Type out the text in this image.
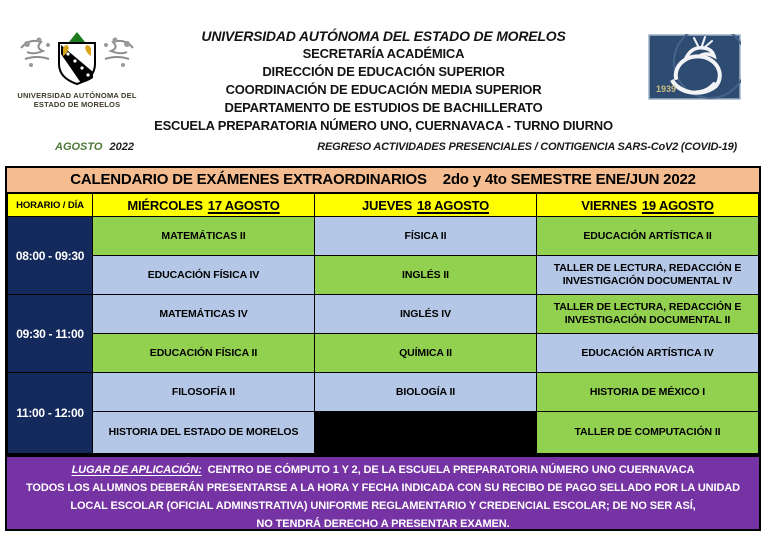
UNIVERSIDAD AUTÓNOMA DEL
ESTADO DE MORELOS
1939
UNIVERSIDAD AUTÓNOMA DEL ESTADO DE MORELOS
SECRETARÍA ACADÉMICA
DIRECCIÓN DE EDUCACIÓN SUPERIOR
COORDINACIÓN DE EDUCACIÓN MEDIA SUPERIOR
DEPARTAMENTO DE ESTUDIOS DE BACHILLERATO
ESCUELA PREPARATORIA NÚMERO UNO, CUERNAVACA - TURNO DIURNO
AGOSTO 2022	REGRESO ACTIVIDADES PRESENCIALES / CONTIGENCIA SARS-CoV2 (COVID-19)
CALENDARIO DE EXÁMENES EXTRAORDINARIOS    2do y 4to SEMESTRE ENE/JUN 2022
HORARIO / DÍA	MIÉRCOLES 17 AGOSTO	JUEVES 18 AGOSTO	VIERNES 19 AGOSTO
08:00 - 09:30	MATEMÁTICAS II	FÍSICA II	EDUCACIÓN ARTÍSTICA II
	EDUCACIÓN FÍSICA IV	INGLÉS II	TALLER DE LECTURA, REDACCIÓN E INVESTIGACIÓN DOCUMENTAL IV
09:30 - 11:00	MATEMÁTICAS IV	INGLÉS IV	TALLER DE LECTURA, REDACCIÓN E INVESTIGACIÓN DOCUMENTAL II
	EDUCACIÓN FÍSICA II	QUÍMICA II	EDUCACIÓN ARTÍSTICA IV
11:00 - 12:00	FILOSOFÍA II	BIOLOGÍA II	HISTORIA DE MÉXICO I
	HISTORIA DEL ESTADO DE MORELOS		TALLER DE COMPUTACIÓN II
LUGAR DE APLICACIÓN:  CENTRO DE CÓMPUTO 1 Y 2, DE LA ESCUELA PREPARATORIA NÚMERO UNO CUERNAVACA
TODOS LOS ALUMNOS DEBERÁN PRESENTARSE A LA HORA Y FECHA INDICADA CON SU RECIBO DE PAGO SELLADO POR LA UNIDAD
LOCAL ESCOLAR (OFICIAL ADMINSTRATIVA) UNIFORME REGLAMENTARIO Y CREDENCIAL ESCOLAR; DE NO SER ASÍ,
NO TENDRÁ DERECHO A PRESENTAR EXAMEN.
